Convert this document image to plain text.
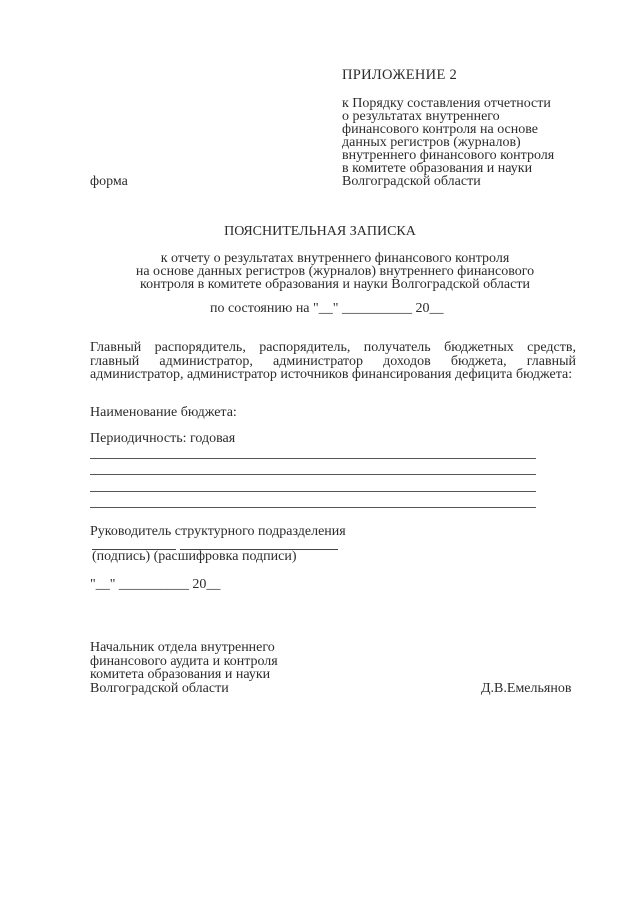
ПРИЛОЖЕНИЕ 2
к Порядку составления отчетности
о результатах внутреннего
финансового контроля на основе
данных регистров (журналов)
внутреннего финансового контроля
в комитете образования и науки
Волгоградской области
форма
ПОЯСНИТЕЛЬНАЯ ЗАПИСКА
к отчету о результатах внутреннего финансового контроля
на основе данных регистров (журналов) внутреннего финансового
контроля в комитете образования и науки Волгоградской области
по состоянию на "__" __________ 20__
Главный распорядитель, распорядитель, получатель бюджетных средств, главный администратор, администратор доходов бюджета, главный администратор, администратор источников финансирования дефицита бюджета:
Наименование бюджета:
Периодичность: годовая
Руководитель структурного подразделения
(подпись) (расшифровка подписи)
"__" __________ 20__
Начальник отдела внутреннего
финансового аудита и контроля
комитета образования и науки
Волгоградской области	Д.В.Емельянов
